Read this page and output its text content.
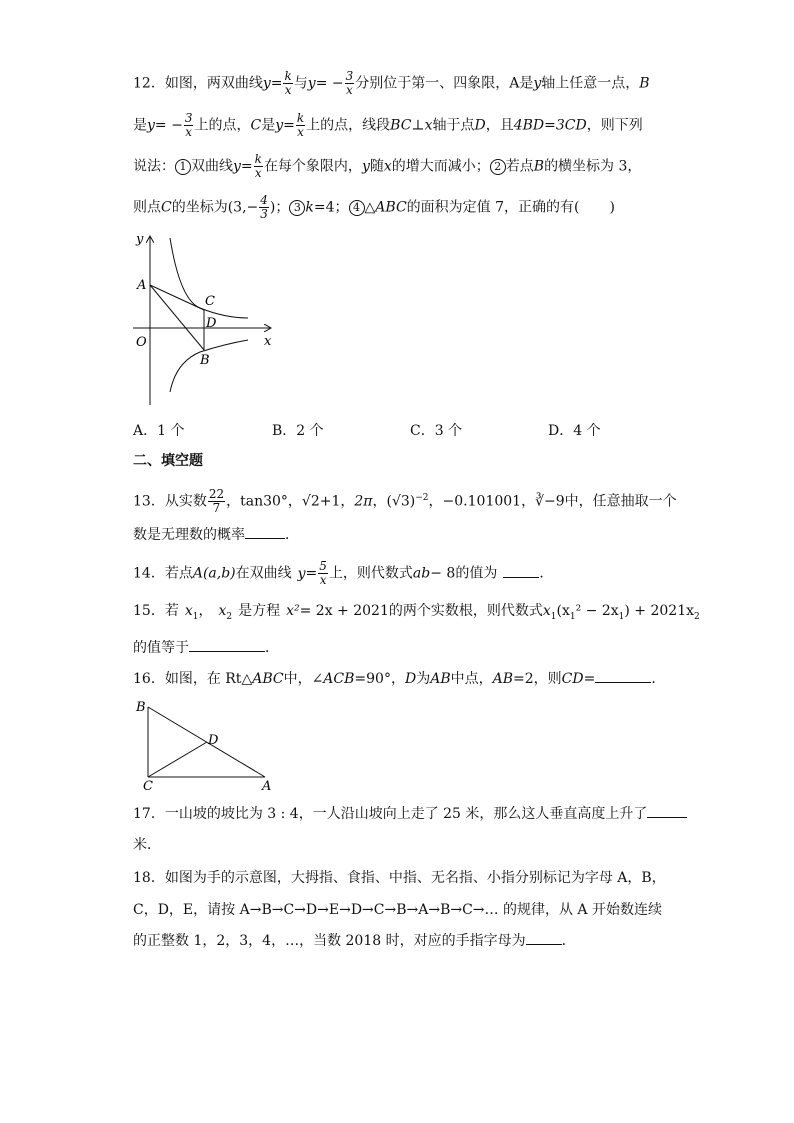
12．如图，两双曲线$y= \frac{k}{x}$ 与$y= - \frac{3}{x}$ 分别位于第一、四象限，A是y轴上任意一点，B
是$y= - \frac{3}{x}$ 上的点，C是$y= \frac{k}{x}$ 上的点，线段BC⊥x轴于点D，且4BD=3CD，则下列
说法： 1 双曲线$y= \frac{k}{x}$ 在每个象限内，y随x的增大而减小； 2 若点B的横坐标为 3，
则点C的坐标为($3,- \frac{4}{3}$ )； 3 k=4； 4 △ABC的面积为定值 7，正确的有( )
y
x
A
C
D
O
B
A．1 个	B．2 个	C．3 个	D．4 个
二、填空题
13．从实数 $\frac{22}{7}$ ，tan30°，√2+1，2π，$(√3)^{-2}$，−0.101001，∛−9中，任意抽取一个
数是无理数的概率	．
14．若点A(a,b)在双曲线 $y= \frac{5}{x}$ 上，则代数式ab− 8的值为	．
15．若 $x_1$， $x_2$ 是方程 x²= 2x + 2021的两个实数根，则代数式$x_1(x_1^2 - 2x_1) + 2021x_2$
的值等于	．
16．如图，在 Rt△ABC中，∠ACB=90°，D为AB中点，AB=2，则CD=	．
B
D
C	A
17．一山坡的坡比为 3 : 4，一人沿山坡向上走了 25 米，那么这人垂直高度上升了
米．
18．如图为手的示意图，大拇指、食指、中指、无名指、小指分别标记为字母 A，B，
C，D，E，请按 A→B→C→D→E→D→C→B→A→B→C→… 的规律，从 A 开始数连续
的正整数 1，2，3，4，…，当数 2018 时，对应的手指字母为	．
